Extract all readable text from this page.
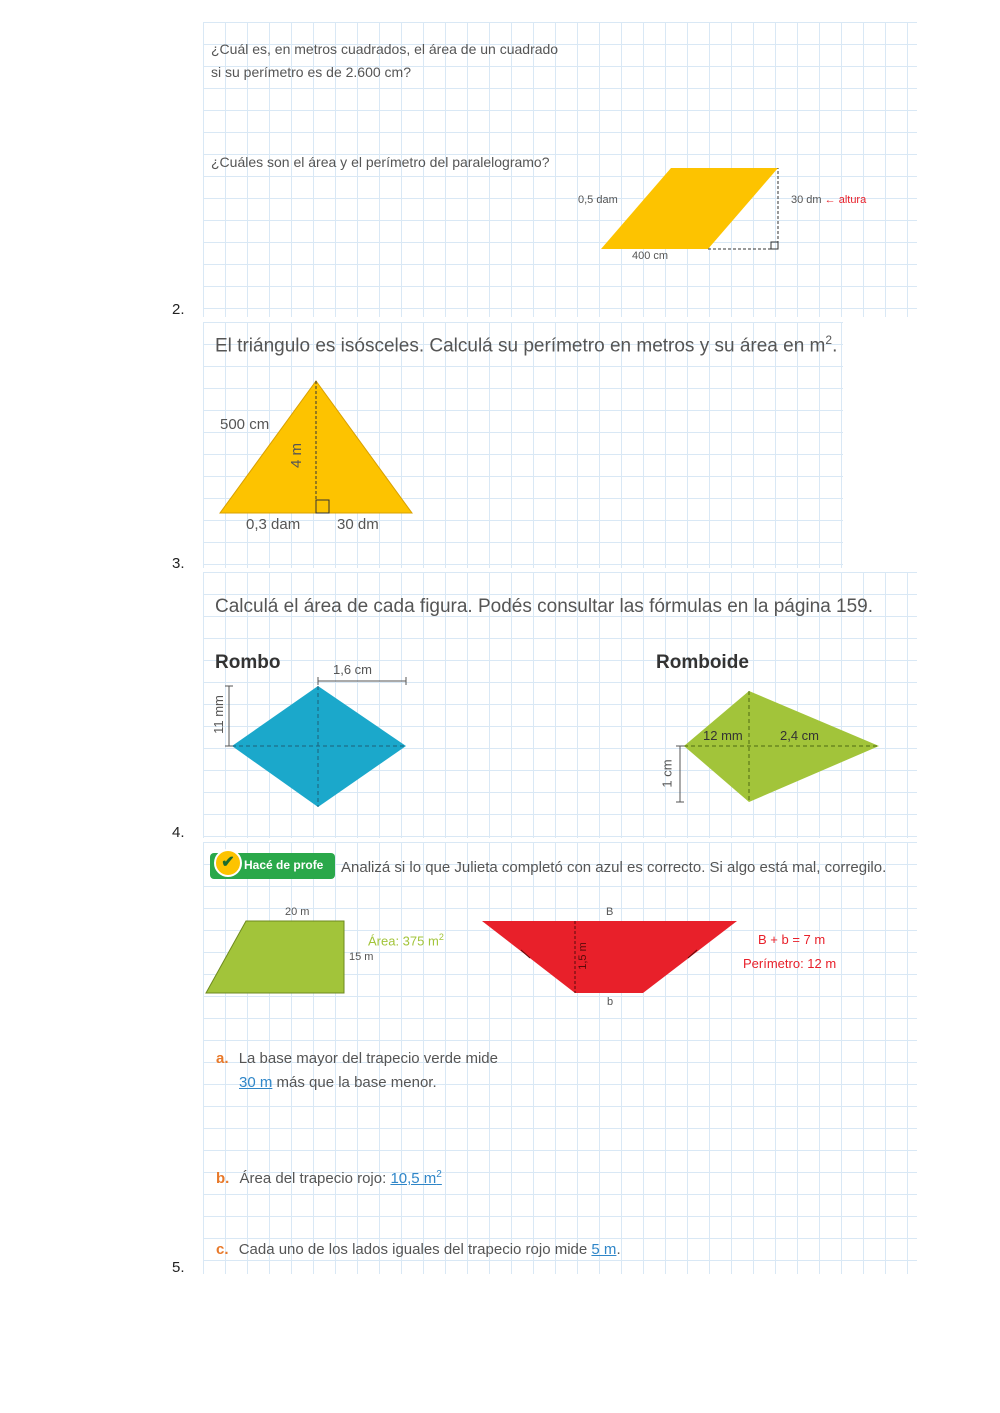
¿Cuál es, en metros cuadrados, el área de un cuadrado
si su perímetro es de 2.600 cm?
¿Cuáles son el área y el perímetro del paralelogramo?
0,5 dam	30 dm ← altura
400 cm
2.
El triángulo es isósceles. Calculá su perímetro en metros y su área en $m^2$.
500 cm
4 m
0,3 dam 30 dm
3.
Calculá el área de cada figura. Podés consultar las fórmulas en la página 159.
Rombo	Romboide
1,6 cm
11 mm
12 mm	2,4 cm
1 cm
4.
✔ Hacé de profe Analizá si lo que Julieta completó con azul es correcto. Si algo está mal, corregilo.
20 m
15 m
Área: 375 $m^2$
B
b
1,5 m
B + b = 7 m
Perímetro: 12 m
a. La base mayor del trapecio verde mide
30 m más que la base menor.
b. Área del trapecio rojo: 10,5 $m^2$
c. Cada uno de los lados iguales del trapecio rojo mide 5 m.
5.
